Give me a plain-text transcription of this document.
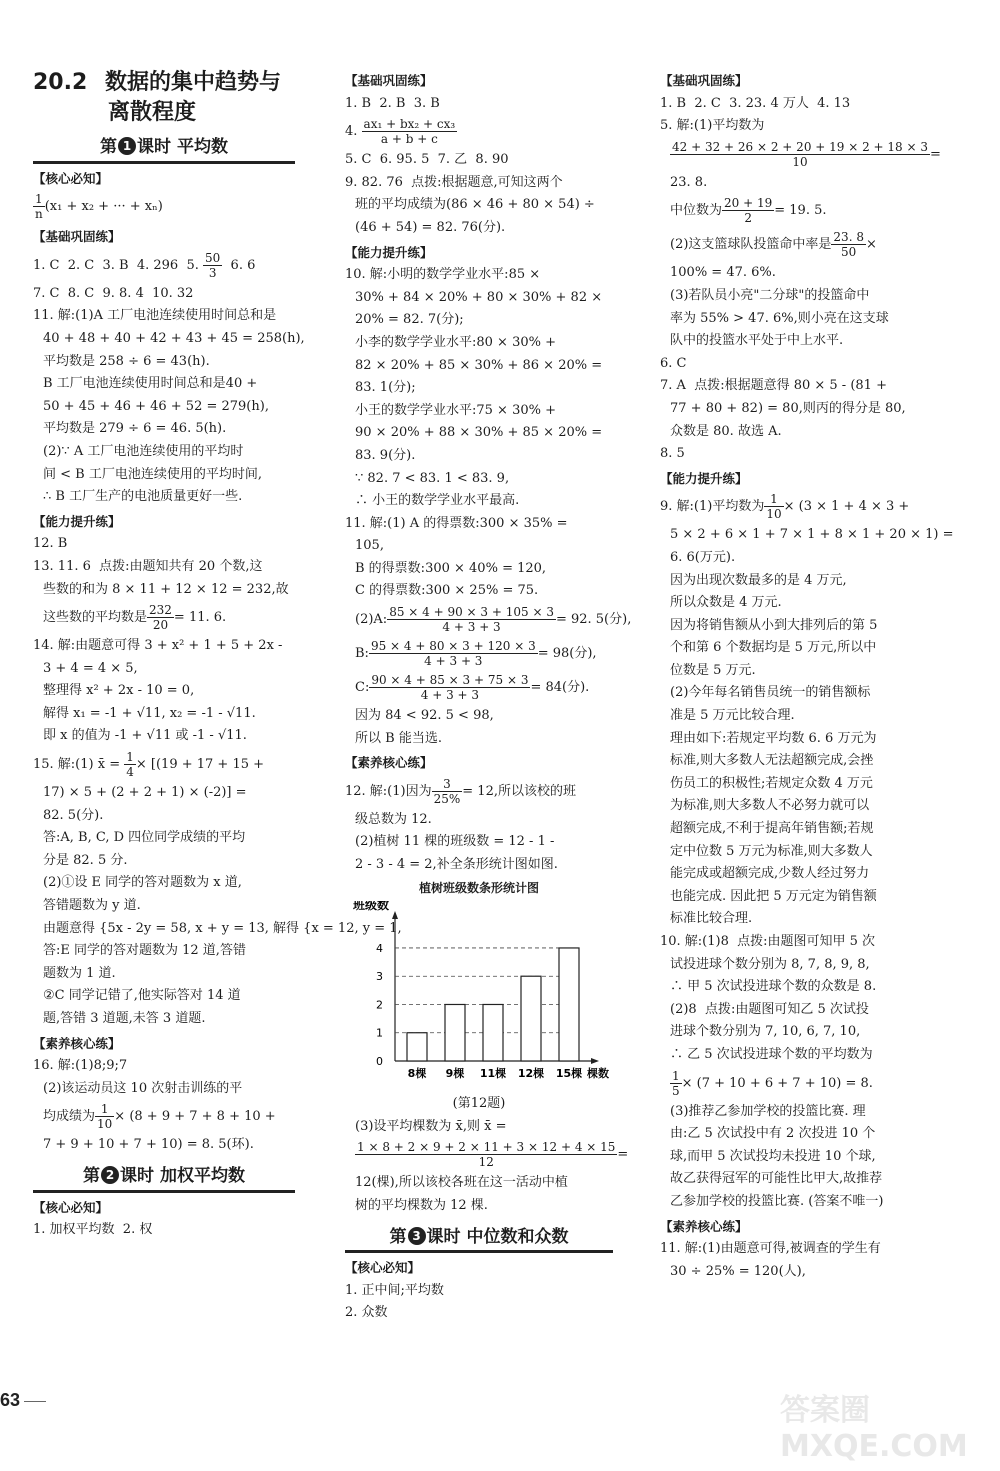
答案圈 MXQE.COM
20.2 数据的集中趋势与
离散程度
第 1 课时 平均数
【核心必知】
$\frac{1}{n} (x_1 + x_2$ + ··· + xₙ)
【基础巩固练】
1. C  2. C  3. B  4. 296  5. $\frac{50}{3} 6$. 6
7. C  8. C  9. 8. 4  10. 32
11. 解:(1)A 工厂电池连续使用时间总和是
40 + 48 + 40 + 42 + 43 + 45 = 258(h),
平均数是 258 ÷ 6 = 43(h).
B 工厂电池连续使用时间总和是40 +
50 + 45 + 46 + 46 + 52 = 279(h),
平均数是 279 ÷ 6 = 46. 5(h).
(2)∵ A 工厂电池连续使用的平均时
间 < B 工厂电池连续使用的平均时间,
∴ B 工厂生产的电池质量更好一些.
【能力提升练】
12. B
13. 11. 6  点拨:由题知共有 20 个数,这
些数的和为 8 × 11 + 12 × 12 = 232,故
这些数的平均数是 $\frac{232}{20} = 11$. 6.
14. 解:由题意可得 3 + x² + 1 + 5 + 2x -
3 + 4 = 4 × 5,
整理得 x² + 2x - 10 = 0,
解得 x₁ = -1 + √11, x₂ = -1 - √11.
即 x 的值为 -1 + √11 或 -1 - √11.
15. 解:(1) x̄ = $\frac{1}{4} \times [(19 + 17 + 15$ +
17) × 5 + (2 + 2 + 1) × (-2)] =
82. 5(分).
答:A, B, C, D 四位同学成绩的平均
分是 82. 5 分.
(2)①设 E 同学的答对题数为 x 道,
答错题数为 y 道.
由题意得 {5x - 2y = 58, x + y = 13, 解得 {x = 12, y = 1,
答:E 同学的答对题数为 12 道,答错
题数为 1 道.
②C 同学记错了,他实际答对 14 道
题,答错 3 道题,未答 3 道题.
【素养核心练】
16. 解:(1)8;9;7
(2)该运动员这 10 次射击训练的平
均成绩为 $\frac{1}{10} \times (8 + 9 + 7 + 8 + 10$ +
7 + 9 + 10 + 7 + 10) = 8. 5(环).
第 2 课时 加权平均数
【核心必知】
1. 加权平均数  2. 权
【基础巩固练】
1. B  2. B  3. B
4. $\frac{\text{ax₁ + bx₂ + cx₃}}{a + b + c}$
5. C  6. 95. 5  7. 乙  8. 90
9. 82. 76  点拨:根据题意,可知这两个
班的平均成绩为(86 × 46 + 80 × 54) ÷
(46 + 54) = 82. 76(分).
【能力提升练】
10. 解:小明的数学学业水平:85 ×
30% + 84 × 20% + 80 × 30% + 82 ×
20% = 82. 7(分);
小李的数学学业水平:80 × 30% +
82 × 20% + 85 × 30% + 86 × 20% =
83. 1(分);
小王的数学学业水平:75 × 30% +
90 × 20% + 88 × 30% + 85 × 20% =
83. 9(分).
∵ 82. 7 < 83. 1 < 83. 9,
∴ 小王的数学学业水平最高.
11. 解:(1) A 的得票数:300 × 35% =
105,
B 的得票数:300 × 40% = 120,
C 的得票数:300 × 25% = 75.
(2)A: $\frac{85 \times 4 + 90 \times 3 + 105 \times 3}{4 + 3 + 3} = 92$. 5(分),
B: $\frac{95 \times 4 + 80 \times 3 + 120 \times 3}{4 + 3 + 3} = 98$(分),
C: $\frac{90 \times 4 + 85 \times 3 + 75 \times 3}{4 + 3 + 3} = 84$(分).
因为 84 < 92. 5 < 98,
所以 B 能当选.
【素养核心练】
12. 解:(1)因为 $\frac{3}{25\%} = 12$,所以该校的班
级总数为 12.
(2)植树 11 棵的班级数 = 12 - 1 -
2 - 3 - 4 = 2,补全条形统计图如图.
植树班级数条形统计图
班级数
0
1
2
3
4
8棵 9棵 11棵 12棵 15棵 棵数
(第12题)
(3)设平均棵数为 x̄,则 x̄ =
$\frac{1 \times 8 + 2 \times 9 + 2 \times 11 + 3 \times 12 + 4 \times 15}{12}$ =
12(棵),所以该校各班在这一活动中植
树的平均棵数为 12 棵.
第 3 课时 中位数和众数
【核心必知】
1. 正中间;平均数
2. 众数
【基础巩固练】
1. B  2. C  3. 23. 4 万人  4. 13
5. 解:(1)平均数为
$\frac{42 + 32 + 26 \times 2 + 20 + 19 \times 2 + 18 \times 3}{10}$ =
23. 8.
中位数为 $\frac{20 + 19}{2} = 19$. 5.
(2)这支篮球队投篮命中率是 $\frac{23. 8}{50}$ ×
100% = 47. 6%.
(3)若队员小亮"二分球"的投篮命中
率为 55% > 47. 6%,则小亮在这支球
队中的投篮水平处于中上水平.
6. C
7. A  点拨:根据题意得 80 × 5 - (81 +
77 + 80 + 82) = 80,则丙的得分是 80,
众数是 80. 故选 A.
8. 5
【能力提升练】
9. 解:(1)平均数为 $\frac{1}{10} \times (3 \times 1 + 4 \times 3$ +
5 × 2 + 6 × 1 + 7 × 1 + 8 × 1 + 20 × 1) =
6. 6(万元).
因为出现次数最多的是 4 万元,
所以众数是 4 万元.
因为将销售额从小到大排列后的第 5
个和第 6 个数据均是 5 万元,所以中
位数是 5 万元.
(2)今年每名销售员统一的销售额标
准是 5 万元比较合理.
理由如下:若规定平均数 6. 6 万元为
标准,则大多数人无法超额完成,会挫
伤员工的积极性;若规定众数 4 万元
为标准,则大多数人不必努力就可以
超额完成,不利于提高年销售额;若规
定中位数 5 万元为标准,则大多数人
能完成或超额完成,少数人经过努力
也能完成. 因此把 5 万元定为销售额
标准比较合理.
10. 解:(1)8  点拨:由题图可知甲 5 次
试投进球个数分别为 8, 7, 8, 9, 8,
∴ 甲 5 次试投进球个数的众数是 8.
(2)8  点拨:由题图可知乙 5 次试投
进球个数分别为 7, 10, 6, 7, 10,
∴ 乙 5 次试投进球个数的平均数为
$\frac{1}{5} \times (7 + 10 + 6 + 7 + 10) = 8$.
(3)推荐乙参加学校的投篮比赛. 理
由:乙 5 次试投中有 2 次投进 10 个
球,而甲 5 次试投均未投进 10 个球,
故乙获得冠军的可能性比甲大,故推荐
乙参加学校的投篮比赛. (答案不唯一)
【素养核心练】
11. 解:(1)由题意可得,被调查的学生有
30 ÷ 25% = 120(人),
63
